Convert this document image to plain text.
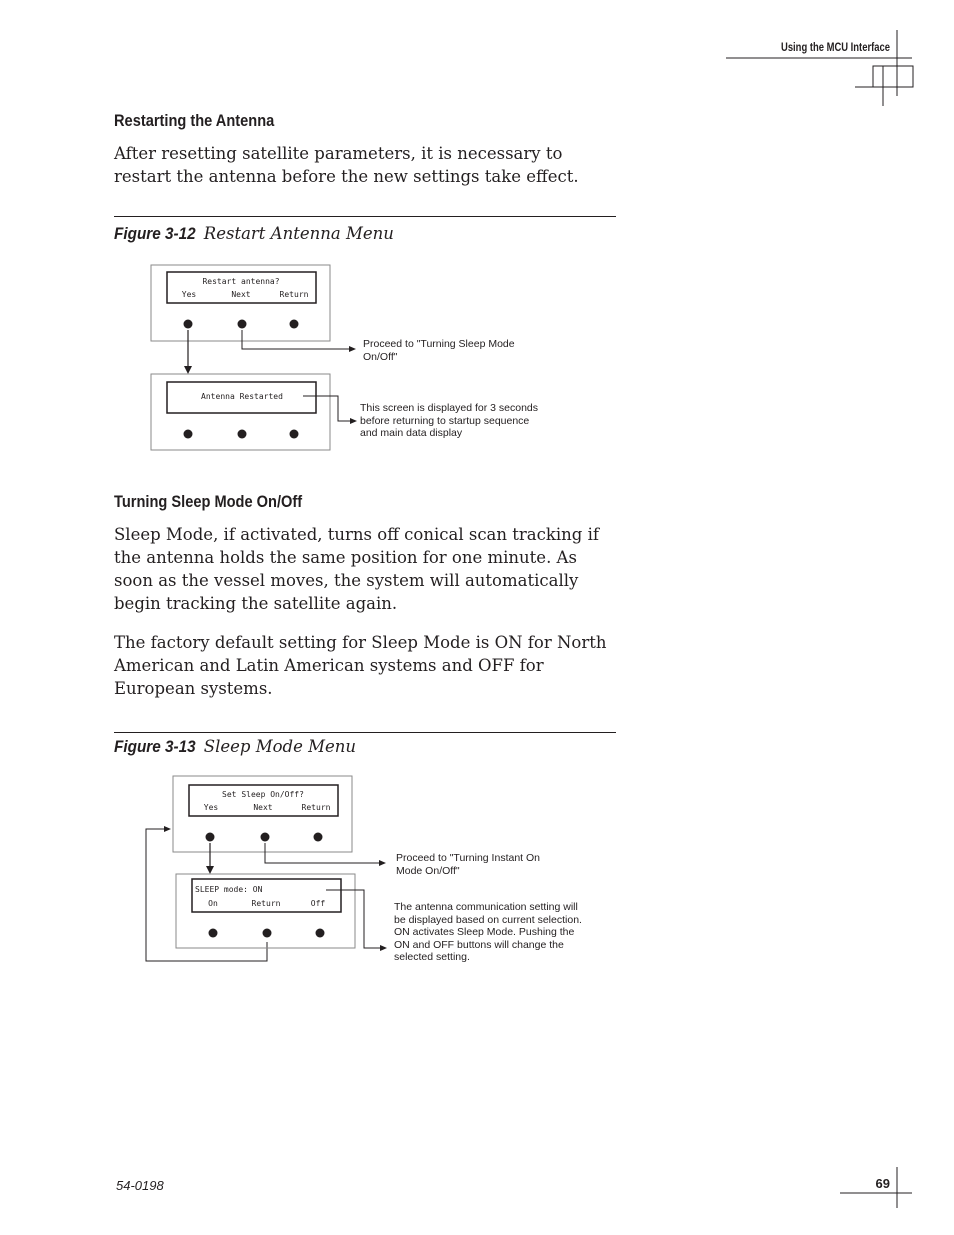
Using the MCU Interface
Restarting the Antenna
After resetting satellite parameters, it is necessary to restart the antenna before the new settings take effect.
Figure 3-12 Restart Antenna Menu
Restart antenna?
Yes	Next	Return
Antenna Restarted
Proceed to "Turning Sleep Mode On/Off"
This screen is displayed for 3 seconds before returning to startup sequence and main data display
Turning Sleep Mode On/Off
Sleep Mode, if activated, turns off conical scan tracking if the antenna holds the same position for one minute. As soon as the vessel moves, the system will automatically begin tracking the satellite again.
The factory default setting for Sleep Mode is ON for North American and Latin American systems and OFF for European systems.
Figure 3-13 Sleep Mode Menu
Set Sleep On/Off?
Yes	Next	Return
SLEEP mode: ON
On	Return	Off
Proceed to "Turning Instant On Mode On/Off"
The antenna communication setting will be displayed based on current selection. ON activates Sleep Mode. Pushing the ON and OFF buttons will change the selected setting.
54-0198	69
